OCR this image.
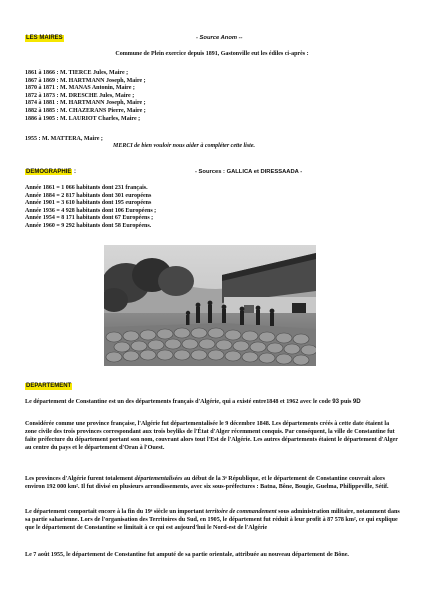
LES MAIRES	- Source Anom --
Commune de Plein exercice depuis 1891, Gastonville eut les édiles ci-après :
1861 à 1866 : M. TIERCE Jules, Maire ;
1867 à 1869 : M. HARTMANN Joseph, Maire ;
1870 à 1871 : M. MANAS Antonin, Maire ;
1872 à 1873 : M. DRESCHE Jules, Maire ;
1874 à 1881 : M. HARTMANN Joseph, Maire ;
1882 à 1885 : M. CHAZERANS Pierre, Maire ;
1886 à 1905 : M. LAURIOT Charles, Maire ;
1955 : M. MATTERA, Maire ;
MERCI de bien vouloir nous aider à compléter cette liste.
DEMOGRAPHIE :	- Sources : GALLICA et DIRESSAADA -
Année 1861 = 1 066 habitants dont 231 français.
Année 1884 = 2 817 habitants dont 301 européens
Année 1901 = 3 610 habitants dont 195 européens
Année 1936 = 4 928 habitants dont 106 Européens ;
Année 1954 = 8 171 habitants dont 67 Européens ;
Année 1960 = 9 292 habitants dont 58 Européens.
DEPARTEMENT

Le département de Constantine est un des départements français d'Algérie, qui a existé entre1848 et 1962 avec le code 93 puis 9D

Considérée comme une province française, l'Algérie fut départementalisée le 9 décembre 1848. Les départements créés à cette date étaient la zone civile des trois provinces correspondant aux trois beyliks de l'État d'Alger récemment conquis. Par conséquent, la ville de Constantine fut faite préfecture du département portant son nom, couvrant alors tout l'Est de l'Algérie. Les autres départements étaient le département d'Alger au centre du pays et le département d'Oran à l'Ouest.

Les provinces d'Algérie furent totalement départementalisées au début de la 3ᵉ République, et le département de Constantine couvrait alors environ 192 000 km². Il fut divisé en plusieurs arrondissements, avec six sous-préfectures : Batna, Bône, Bougie, Guelma, Philippeville, Sétif.

Le département comportait encore à la fin du 19ᵉ siècle un important territoire de commandement sous administration militaire, notamment dans sa partie saharienne. Lors de l'organisation des Territoires du Sud, en 1905, le département fut réduit à leur profit à 87 578 km², ce qui explique que le département de Constantine se limitait à ce qui est aujourd'hui le Nord-est de l'Algérie

Le 7 août 1955, le département de Constantine fut amputé de sa partie orientale, attribuée au nouveau département de Bône.
